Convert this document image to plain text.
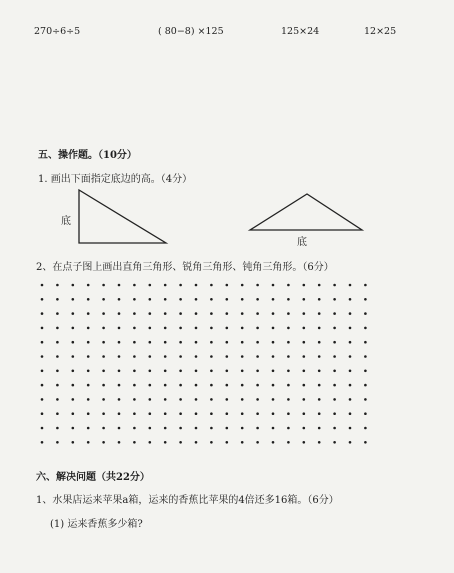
270÷6÷5	( 80−8) ×125	125×24	12×25
五、操作题。（10分）
1. 画出下面指定底边的高。（4分）
底
底
2、在点子图上画出直角三角形、锐角三角形、钝角三角形。（6分）
六、解决问题（共22分）
1、水果店运来苹果a箱，运来的香蕉比苹果的4倍还多16箱。（6分）
(1) 运来香蕉多少箱?
